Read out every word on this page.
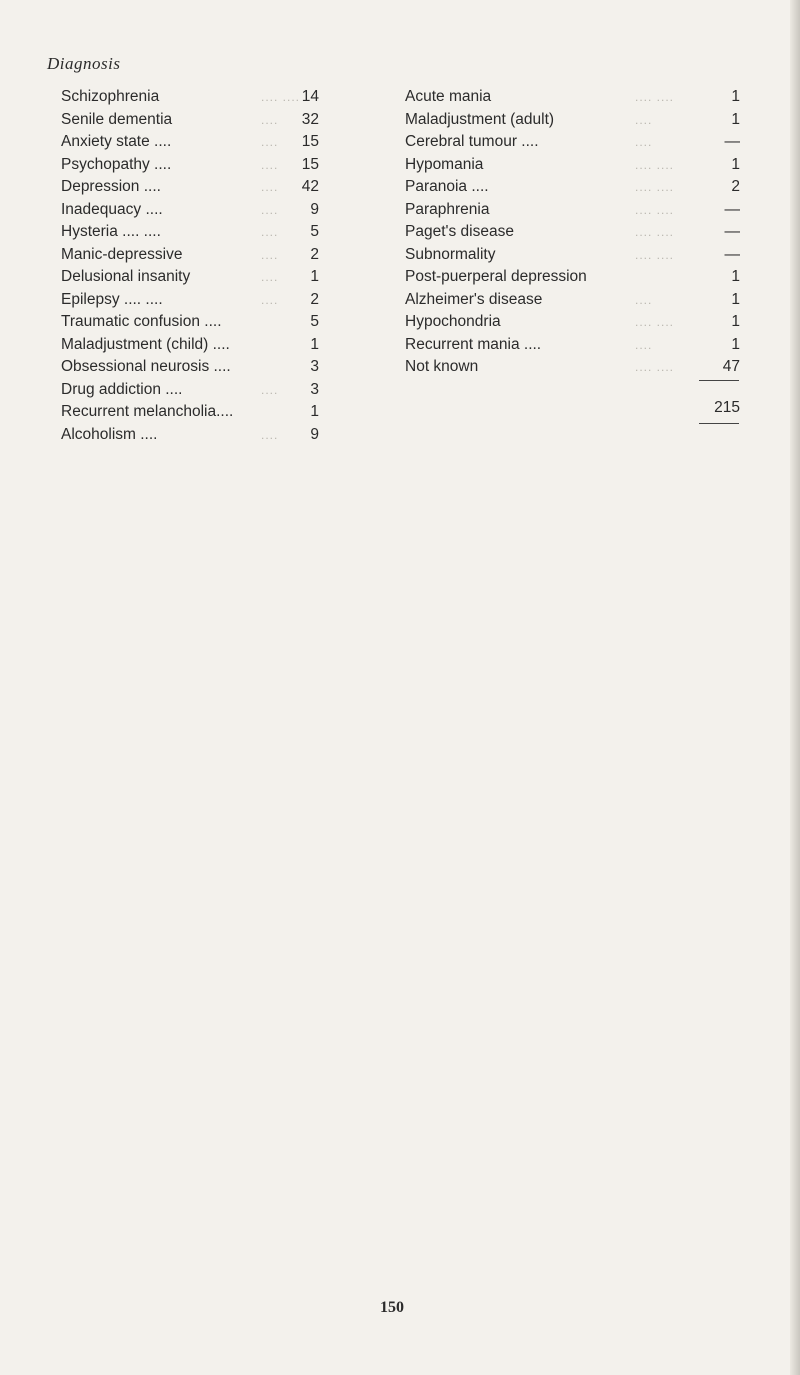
Diagnosis
Schizophrenia	.... .... 14
Senile dementia	.... 32
Anxiety state ....	.... 15
Psychopathy ....	.... 15
Depression ....	.... 42
Inadequacy ....	.... 9
Hysteria .... ....	.... 5
Manic-depressive	.... 2
Delusional insanity	.... 1
Epilepsy .... ....	.... 2
Traumatic confusion ....	5
Maladjustment (child) ....	1
Obsessional neurosis ....	3
Drug addiction ....	.... 3
Recurrent melancholia....	1
Alcoholism ....	.... 9
Acute mania	.... ....	1
Maladjustment (adult)	....	1
Cerebral tumour ....	....	—
Hypomania	.... ....	1
Paranoia ....	.... ....	2
Paraphrenia	.... ....	—
Paget's disease	.... ....	—
Subnormality	.... ....	—
Post-puerperal depression	1
Alzheimer's disease	....	1
Hypochondria	.... ....	1
Recurrent mania ....	....	1
Not known	.... ....	47
215
150
